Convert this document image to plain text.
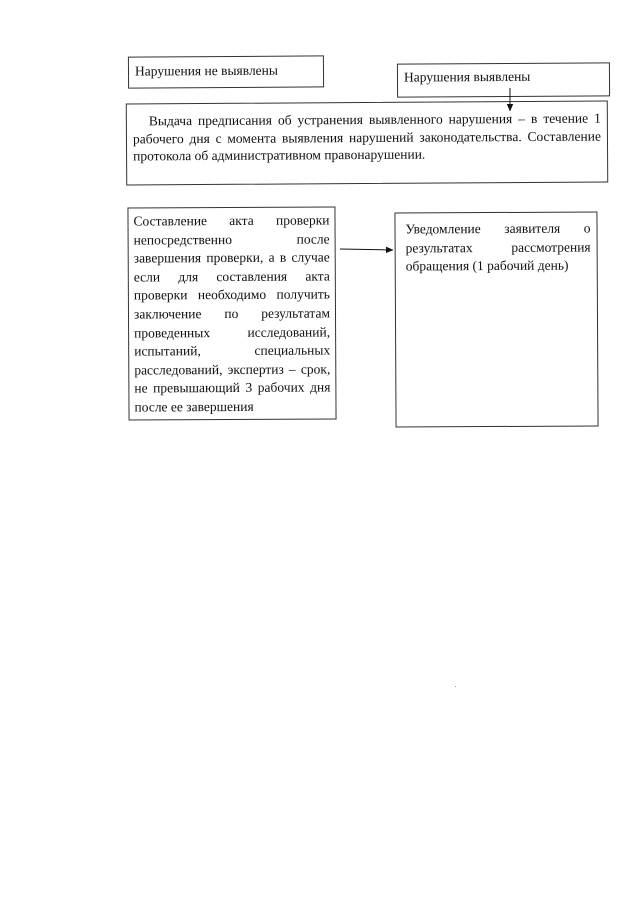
Нарушения не выявлены	Нарушения выявлены
Выдача предписания об устранения выявленного нарушения – в течение 1 рабочего дня с момента выявления нарушений законодательства. Составление протокола об административном правонарушении.
Составление акта проверки непосредственно после завершения проверки, а в случае если для составления акта проверки необходимо получить заключение по результатам проведенных исследований, испытаний, специальных расследований, экспертиз – срок, не превышающий 3 рабочих дня после ее завершения
Уведомление заявителя о результатах рассмотрения обращения (1 рабочий день)
